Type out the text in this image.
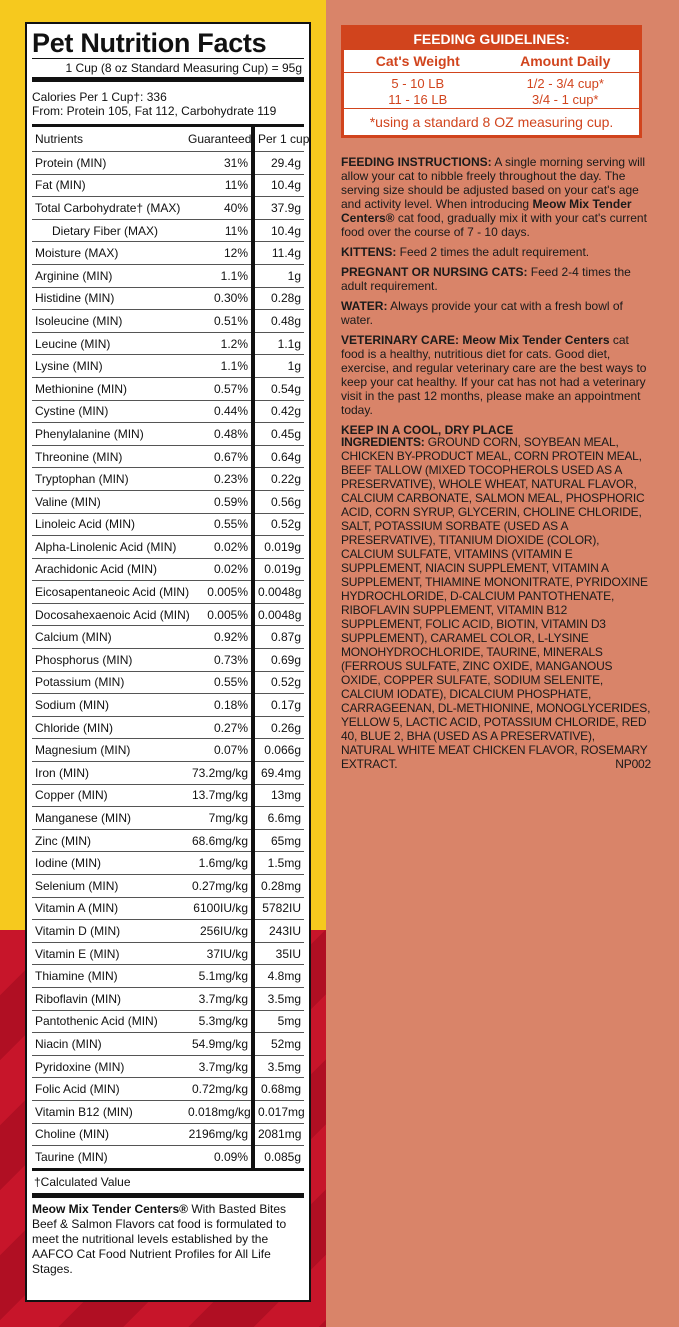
Pet Nutrition Facts
1 Cup (8 oz Standard Measuring Cup) = 95g
Calories Per 1 Cup†: 336
From: Protein 105, Fat 112, Carbohydrate 119
Nutrients	Guaranteed	Per 1 cup
Protein (MIN)	31%	29.4g
Fat (MIN)	11%	10.4g
Total Carbohydrate† (MAX)	40%	37.9g
Dietary Fiber (MAX)	11%	10.4g
Moisture (MAX)	12%	11.4g
Arginine (MIN)	1.1%	1g
Histidine (MIN)	0.30%	0.28g
Isoleucine (MIN)	0.51%	0.48g
Leucine (MIN)	1.2%	1.1g
Lysine (MIN)	1.1%	1g
Methionine (MIN)	0.57%	0.54g
Cystine (MIN)	0.44%	0.42g
Phenylalanine (MIN)	0.48%	0.45g
Threonine (MIN)	0.67%	0.64g
Tryptophan (MIN)	0.23%	0.22g
Valine (MIN)	0.59%	0.56g
Linoleic Acid (MIN)	0.55%	0.52g
Alpha-Linolenic Acid (MIN)	0.02%	0.019g
Arachidonic Acid (MIN)	0.02%	0.019g
Eicosapentaneoic Acid (MIN)	0.005%	0.0048g
Docosahexaenoic Acid (MIN)	0.005%	0.0048g
Calcium (MIN)	0.92%	0.87g
Phosphorus (MIN)	0.73%	0.69g
Potassium (MIN)	0.55%	0.52g
Sodium (MIN)	0.18%	0.17g
Chloride (MIN)	0.27%	0.26g
Magnesium (MIN)	0.07%	0.066g
Iron (MIN)	73.2mg/kg	69.4mg
Copper (MIN)	13.7mg/kg	13mg
Manganese (MIN)	7mg/kg	6.6mg
Zinc (MIN)	68.6mg/kg	65mg
Iodine (MIN)	1.6mg/kg	1.5mg
Selenium (MIN)	0.27mg/kg	0.28mg
Vitamin A (MIN)	6100IU/kg	5782IU
Vitamin D (MIN)	256IU/kg	243IU
Vitamin E (MIN)	37IU/kg	35IU
Thiamine (MIN)	5.1mg/kg	4.8mg
Riboflavin (MIN)	3.7mg/kg	3.5mg
Pantothenic Acid (MIN)	5.3mg/kg	5mg
Niacin (MIN)	54.9mg/kg	52mg
Pyridoxine (MIN)	3.7mg/kg	3.5mg
Folic Acid (MIN)	0.72mg/kg	0.68mg
Vitamin B12 (MIN)	0.018mg/kg	0.017mg
Choline (MIN)	2196mg/kg	2081mg
Taurine (MIN)	0.09%	0.085g
†Calculated Value
Meow Mix Tender Centers® With Basted Bites Beef & Salmon Flavors cat food is formulated to meet the nutritional levels established by the AAFCO Cat Food Nutrient Profiles for All Life Stages.
FEEDING GUIDELINES:
Cat's Weight	Amount Daily
5 - 10 LB	1/2 - 3/4 cup*
11 - 16 LB	3/4 - 1 cup*
*using a standard 8 OZ measuring cup.

FEEDING INSTRUCTIONS: A single morning serving will allow your cat to nibble freely throughout the day. The serving size should be adjusted based on your cat's age and activity level. When introducing Meow Mix Tender Centers® cat food, gradually mix it with your cat's current food over the course of 7 - 10 days.

KITTENS: Feed 2 times the adult requirement.

PREGNANT OR NURSING CATS: Feed 2-4 times the adult requirement.

WATER: Always provide your cat with a fresh bowl of water.

VETERINARY CARE: Meow Mix Tender Centers cat food is a healthy, nutritious diet for cats. Good diet, exercise, and regular veterinary care are the best ways to keep your cat healthy. If your cat has not had a veterinary visit in the past 12 months, please make an appointment today.

KEEP IN A COOL, DRY PLACE

INGREDIENTS: GROUND CORN, SOYBEAN MEAL, CHICKEN BY-PRODUCT MEAL, CORN PROTEIN MEAL, BEEF TALLOW (MIXED TOCOPHEROLS USED AS A PRESERVATIVE), WHOLE WHEAT, NATURAL FLAVOR, CALCIUM CARBONATE, SALMON MEAL, PHOSPHORIC ACID, CORN SYRUP, GLYCERIN, CHOLINE CHLORIDE, SALT, POTASSIUM SORBATE (USED AS A PRESERVATIVE), TITANIUM DIOXIDE (COLOR), CALCIUM SULFATE, VITAMINS (VITAMIN E SUPPLEMENT, NIACIN SUPPLEMENT, VITAMIN A SUPPLEMENT, THIAMINE MONONITRATE, PYRIDOXINE HYDROCHLORIDE, D-CALCIUM PANTOTHENATE, RIBOFLAVIN SUPPLEMENT, VITAMIN B12 SUPPLEMENT, FOLIC ACID, BIOTIN, VITAMIN D3 SUPPLEMENT), CARAMEL COLOR, L-LYSINE MONOHYDROCHLORIDE, TAURINE, MINERALS (FERROUS SULFATE, ZINC OXIDE, MANGANOUS OXIDE, COPPER SULFATE, SODIUM SELENITE, CALCIUM IODATE), DICALCIUM PHOSPHATE, CARRAGEENAN, DL-METHIONINE, MONOGLYCERIDES, YELLOW 5, LACTIC ACID, POTASSIUM CHLORIDE, RED 40, BLUE 2, BHA (USED AS A PRESERVATIVE), NATURAL WHITE MEAT CHICKEN FLAVOR, ROSEMARY EXTRACT.	NP002
